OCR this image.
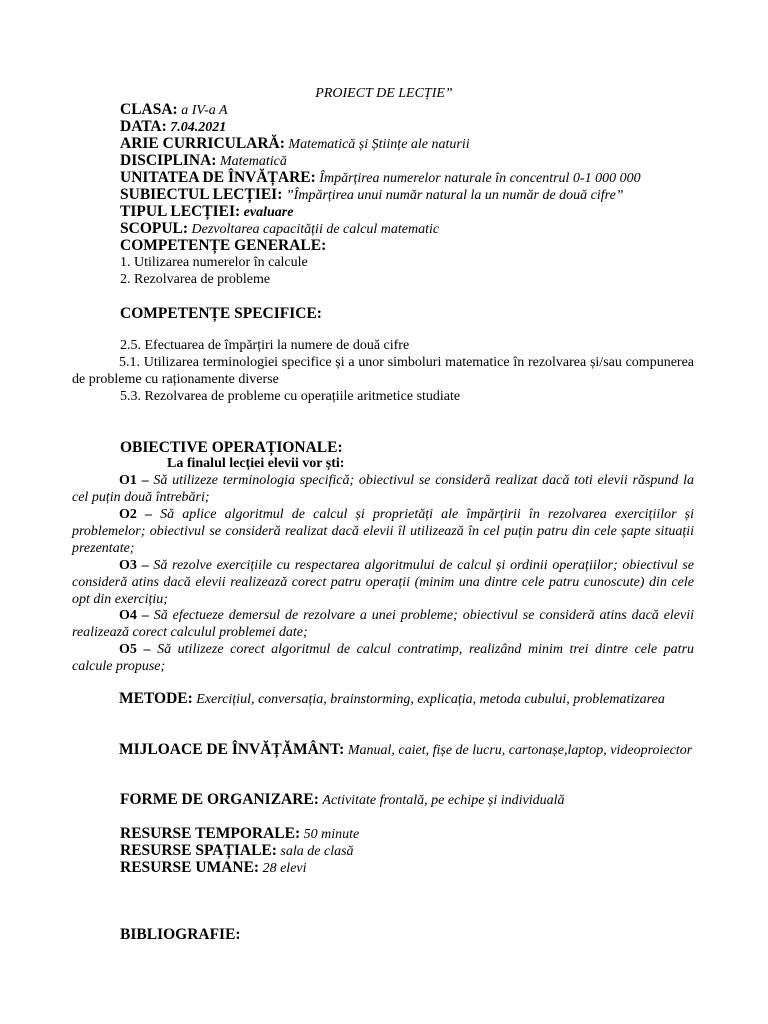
PROIECT DE LECȚIE”
CLASA: a IV-a A
DATA: 7.04.2021
ARIE CURRICULARĂ: Matematică și Științe ale naturii
DISCIPLINA: Matematică
UNITATEA DE ÎNVĂȚARE: Împărțirea numerelor naturale în concentrul 0-1 000 000
SUBIECTUL LECȚIEI: ”Împărțirea unui număr natural la un număr de două cifre”
TIPUL LECȚIEI: evaluare
SCOPUL: Dezvoltarea capacității de calcul matematic
COMPETENȚE GENERALE:
1. Utilizarea numerelor în calcule
2. Rezolvarea de probleme
COMPETENȚE SPECIFICE:
2.5. Efectuarea de împărțiri la numere de două cifre
5.1. Utilizarea terminologiei specifice și a unor simboluri matematice în rezolvarea și/sau compunerea de probleme cu raționamente diverse
5.3. Rezolvarea de probleme cu operațiile aritmetice studiate
OBIECTIVE OPERAȚIONALE:
La finalul lecției elevii vor ști:
O1 – Să utilizeze terminologia specifică; obiectivul se consideră realizat dacă toti elevii răspund la cel puțin două întrebări;
O2 – Să aplice algoritmul de calcul și proprietăți ale împărțirii în rezolvarea exercițiilor și problemelor; obiectivul se consideră realizat dacă elevii îl utilizează în cel puțin patru din cele șapte situații prezentate;
O3 – Să rezolve exercițiile cu respectarea algoritmului de calcul și ordinii operațiilor; obiectivul se consideră atins dacă elevii realizează corect patru operații (minim una dintre cele patru cunoscute) din cele opt din exercițiu;
O4 – Să efectueze demersul de rezolvare a unei probleme; obiectivul se consideră atins dacă elevii realizează corect calculul problemei date;
O5 – Să utilizeze corect algoritmul de calcul contratimp, realizând minim trei dintre cele patru calcule propuse;
METODE: Exercițiul, conversația, brainstorming, explicația, metoda cubului, problematizarea
MIJLOACE DE ÎNVĂȚĂMÂNT: Manual, caiet, fișe de lucru, cartonașe,laptop, videoproiector
FORME DE ORGANIZARE: Activitate frontală, pe echipe și individuală
RESURSE TEMPORALE: 50 minute
RESURSE SPAȚIALE: sala de clasă
RESURSE UMANE: 28 elevi
BIBLIOGRAFIE:
